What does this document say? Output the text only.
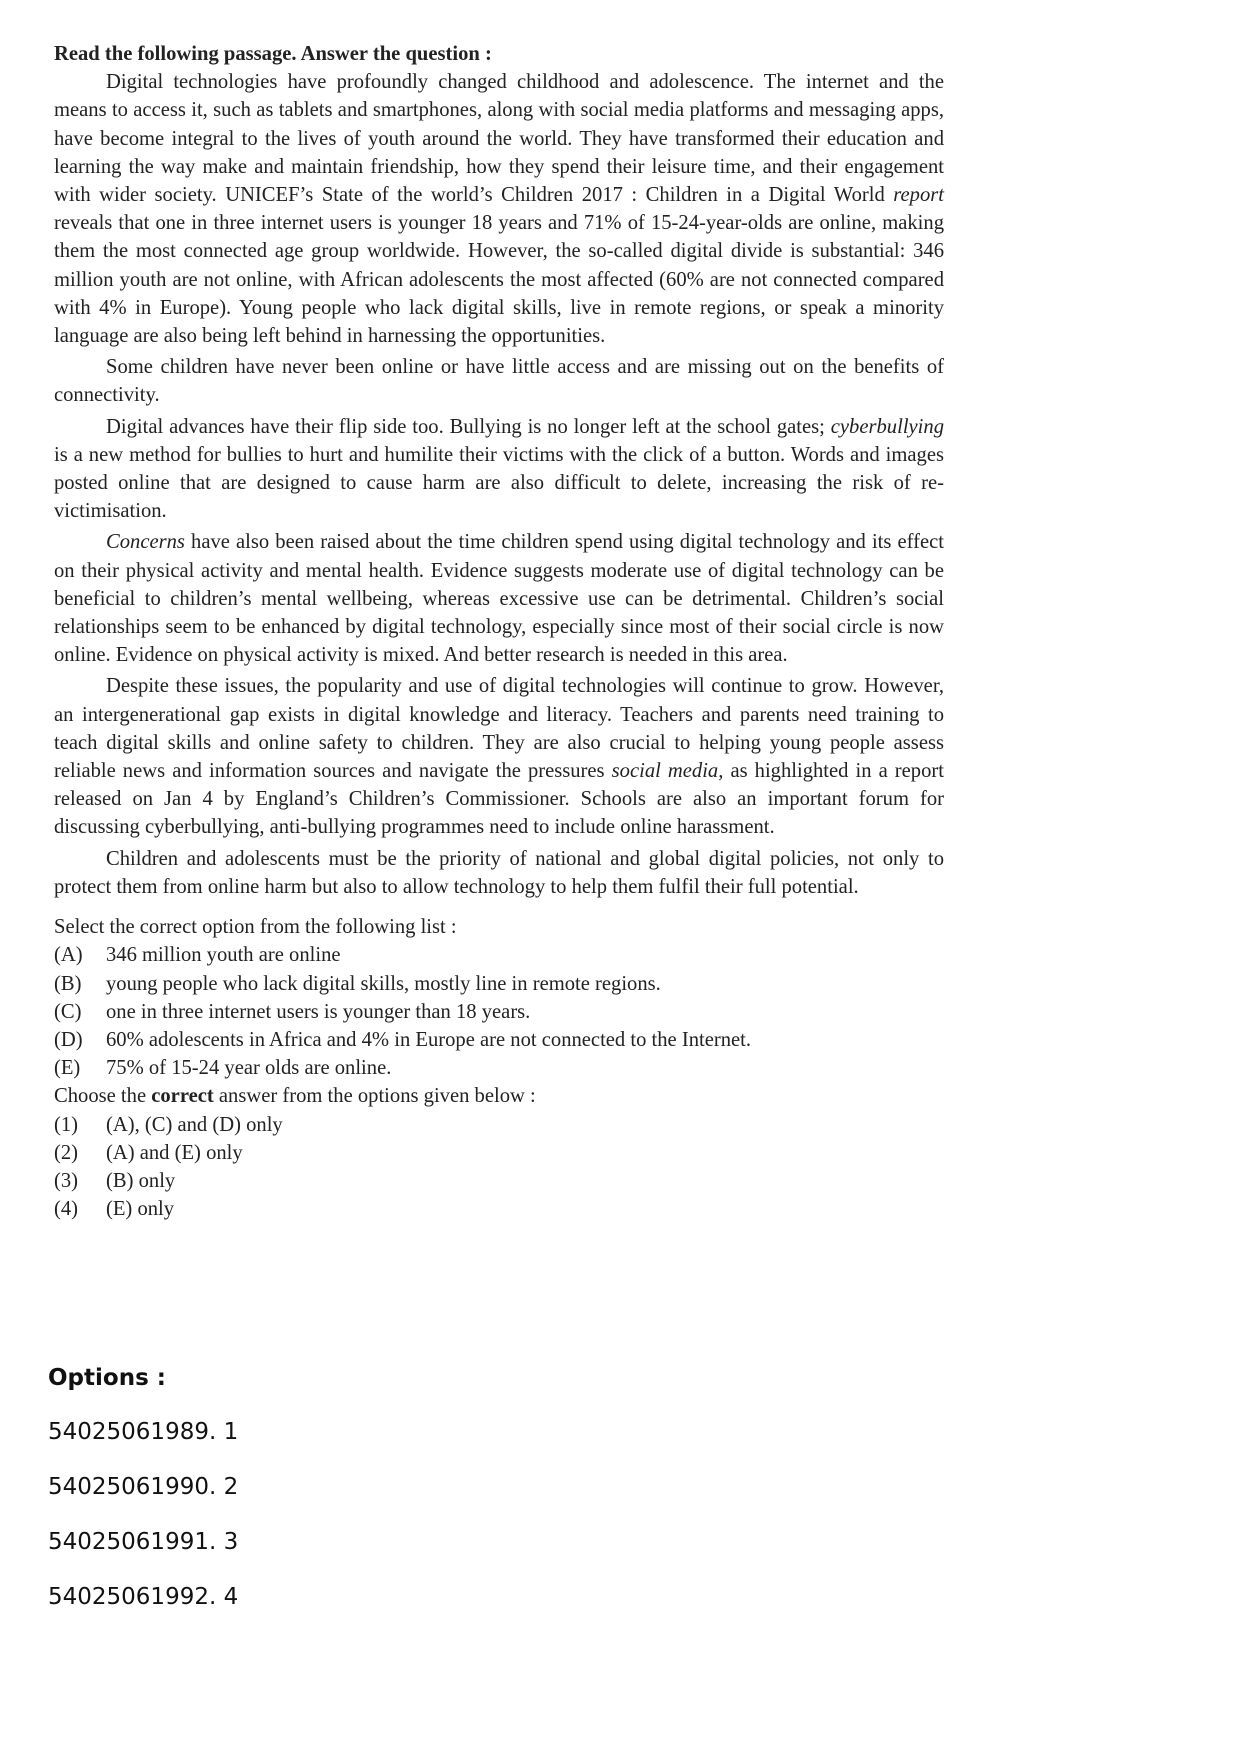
Read the following passage. Answer the question :

Digital technologies have profoundly changed childhood and adolescence. The internet and the means to access it, such as tablets and smartphones, along with social media platforms and messaging apps, have become integral to the lives of youth around the world. They have transformed their education and learning the way make and maintain friendship, how they spend their leisure time, and their engagement with wider society. UNICEF’s State of the world’s Children 2017 : Children in a Digital World report reveals that one in three internet users is younger 18 years and 71% of 15-24-year-olds are online, making them the most connected age group worldwide. However, the so-called digital divide is substantial: 346 million youth are not online, with African adolescents the most affected (60% are not connected compared with 4% in Europe). Young people who lack digital skills, live in remote regions, or speak a minority language are also being left behind in harnessing the opportunities.

Some children have never been online or have little access and are missing out on the benefits of connectivity.

Digital advances have their flip side too. Bullying is no longer left at the school gates; cyberbullying is a new method for bullies to hurt and humilite their victims with the click of a button. Words and images posted online that are designed to cause harm are also difficult to delete, increasing the risk of re-victimisation.

Concerns have also been raised about the time children spend using digital technology and its effect on their physical activity and mental health. Evidence suggests moderate use of digital technology can be beneficial to children’s mental wellbeing, whereas excessive use can be detrimental. Children’s social relationships seem to be enhanced by digital technology, especially since most of their social circle is now online. Evidence on physical activity is mixed. And better research is needed in this area.

Despite these issues, the popularity and use of digital technologies will continue to grow. However, an intergenerational gap exists in digital knowledge and literacy. Teachers and parents need training to teach digital skills and online safety to children. They are also crucial to helping young people assess reliable news and information sources and navigate the pressures social media, as highlighted in a report released on Jan 4 by England’s Children’s Commissioner. Schools are also an important forum for discussing cyberbullying, anti-bullying programmes need to include online harassment.

Children and adolescents must be the priority of national and global digital policies, not only to protect them from online harm but also to allow technology to help them fulfil their full potential.

Select the correct option from the following list :
(A)	346 million youth are online
(B)	young people who lack digital skills, mostly line in remote regions.
(C)	one in three internet users is younger than 18 years.
(D)	60% adolescents in Africa and 4% in Europe are not connected to the Internet.
(E)	75% of 15-24 year olds are online.
Choose the correct answer from the options given below :
(1)	(A), (C) and (D) only
(2)	(A) and (E) only
(3)	(B) only
(4)	(E) only
Options :
54025061989. 1
54025061990. 2
54025061991. 3
54025061992. 4
